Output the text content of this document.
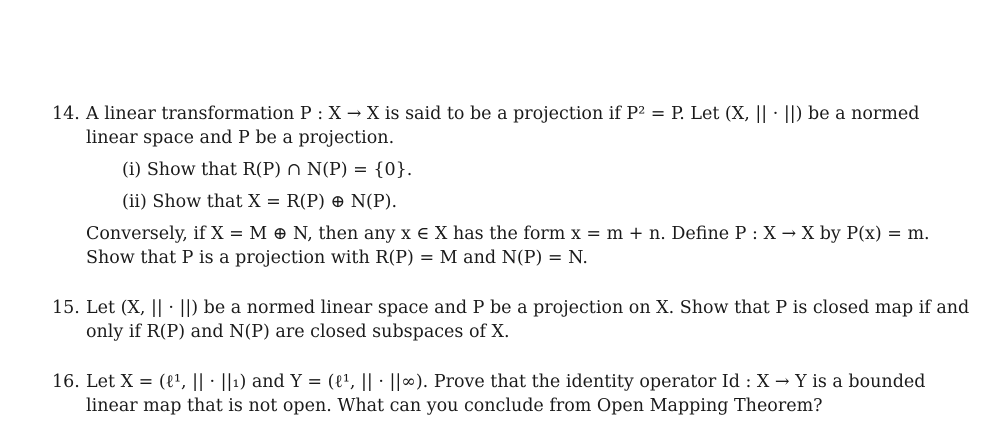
14. A linear transformation P : X → X is said to be a projection if P² = P. Let (X, || · ||) be a normed
linear space and P be a projection.
(i) Show that R(P) ∩ N(P) = {0}.
(ii) Show that X = R(P) ⊕ N(P).
Conversely, if X = M ⊕ N, then any x ∈ X has the form x = m + n. Define P : X → X by P(x) = m.
Show that P is a projection with R(P) = M and N(P) = N.
15. Let (X, || · ||) be a normed linear space and P be a projection on X. Show that P is closed map if and
only if R(P) and N(P) are closed subspaces of X.
16. Let X = (ℓ¹, || · ||₁) and Y = (ℓ¹, || · ||∞). Prove that the identity operator Id : X → Y is a bounded
linear map that is not open. What can you conclude from Open Mapping Theorem?
